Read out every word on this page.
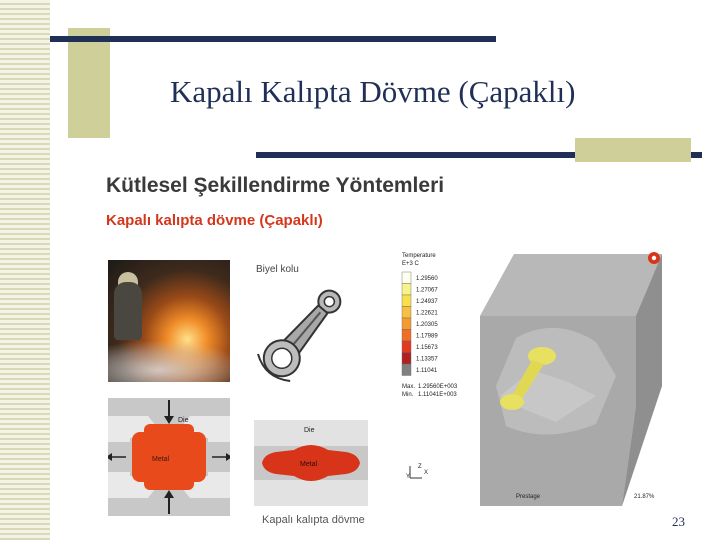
Kapalı Kalıpta Dövme (Çapaklı)
Kütlesel Şekillendirme Yöntemleri
Kapalı kalıpta dövme (Çapaklı)
Biyel kolu
Die
Metal
Die
Metal
Temperature
E+3 C
1.29560
1.27067
1.24937
1.22621
1.20305
1.17989
1.15673
1.13357
1.11041
Max. 1.29560E+003
Min. 1.11041E+003
Y
Z
X
Prestage	21.87%
Kapalı kalıpta dövme	23
